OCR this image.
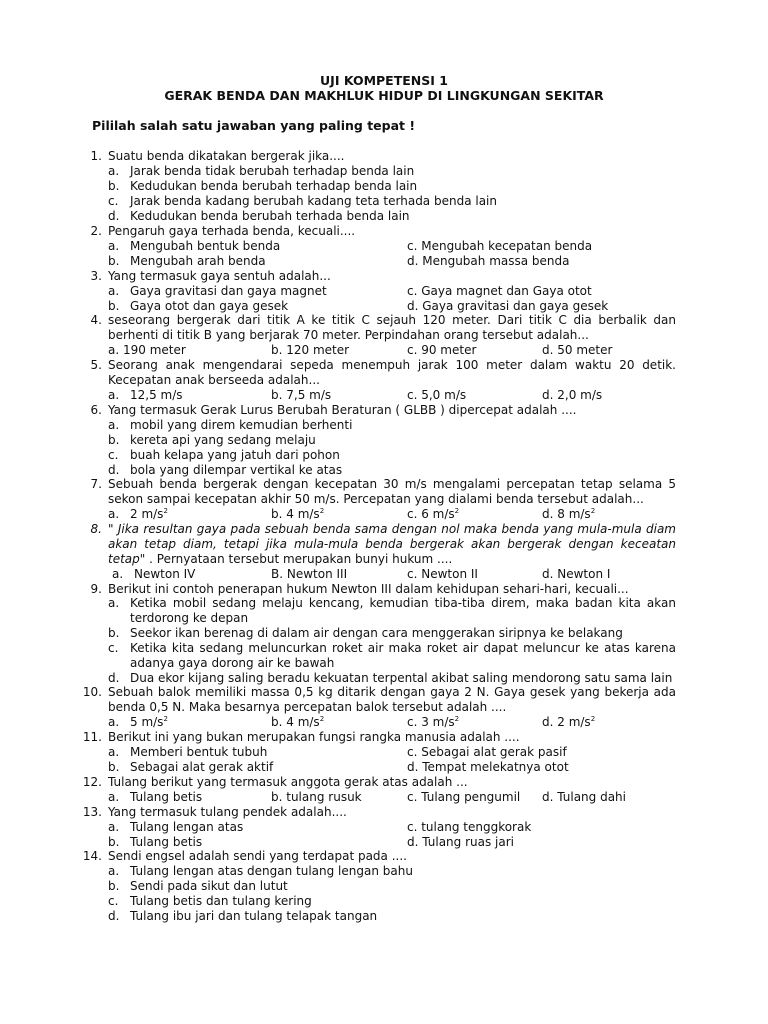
UJI KOMPETENSI 1
GERAK BENDA DAN MAKHLUK HIDUP DI LINGKUNGAN SEKITAR
Pililah salah satu jawaban yang paling tepat !
1. Suatu benda dikatakan bergerak jika....
a. Jarak benda tidak berubah terhadap benda lain
b. Kedudukan benda berubah terhadap benda lain
c. Jarak benda kadang berubah kadang teta terhada benda lain
d. Kedudukan benda berubah terhada benda lain
2. Pengaruh gaya terhada benda, kecuali....
a. Mengubah bentuk benda	c. Mengubah kecepatan benda
b. Mengubah arah benda	d. Mengubah massa benda
3. Yang termasuk gaya sentuh adalah...
a. Gaya gravitasi dan gaya magnet	c. Gaya magnet dan Gaya otot
b. Gaya otot dan gaya gesek	d. Gaya gravitasi dan gaya gesek
4. seseorang bergerak dari titik A ke titik C sejauh 120 meter. Dari titik C dia berbalik dan
berhenti di titik B yang berjarak 70 meter. Perpindahan orang tersebut adalah...
a. 190 meter	b. 120 meter	c. 90 meter	d. 50 meter
5. Seorang anak mengendarai sepeda menempuh jarak 100 meter dalam waktu 20 detik.
Kecepatan anak berseeda adalah...
a. 12,5 m/s	b. 7,5 m/s	c. 5,0 m/s	d. 2,0 m/s
6. Yang termasuk Gerak Lurus Berubah Beraturan ( GLBB ) dipercepat adalah ....
a. mobil yang direm kemudian berhenti
b. kereta api yang sedang melaju
c. buah kelapa yang jatuh dari pohon
d. bola yang dilempar vertikal ke atas
7. Sebuah benda bergerak dengan kecepatan 30 m/s mengalami percepatan tetap selama 5
sekon sampai kecepatan akhir 50 m/s. Percepatan yang dialami benda tersebut adalah...
a. 2 $m/s^2$	b. 4 $m/s^2$	c. 6 $m/s^2$	d. 8 $m/s^2$
8. " Jika resultan gaya pada sebuah benda sama dengan nol maka benda yang mula-mula diam
akan tetap diam, tetapi jika mula-mula benda bergerak akan bergerak dengan keceatan
tetap" . Pernyataan tersebut merupakan bunyi hukum ....
a. Newton IV	B. Newton III	c. Newton II	d. Newton I
9. Berikut ini contoh penerapan hukum Newton III dalam kehidupan sehari-hari, kecuali...
a. Ketika mobil sedang melaju kencang, kemudian tiba-tiba direm, maka badan kita akan
terdorong ke depan
b. Seekor ikan berenag di dalam air dengan cara menggerakan siripnya ke belakang
c. Ketika kita sedang meluncurkan roket air maka roket air dapat meluncur ke atas karena
adanya gaya dorong air ke bawah
d. Dua ekor kijang saling beradu kekuatan terpental akibat saling mendorong satu sama lain
10. Sebuah balok memiliki massa 0,5 kg ditarik dengan gaya 2 N. Gaya gesek yang bekerja ada
benda 0,5 N. Maka besarnya percepatan balok tersebut adalah ....
a. 5 $m/s^2$	b. 4 $m/s^2$	c. 3 $m/s^2$	d. 2 $m/s^2$
11. Berikut ini yang bukan merupakan fungsi rangka manusia adalah ....
a. Memberi bentuk tubuh	c. Sebagai alat gerak pasif
b. Sebagai alat gerak aktif	d. Tempat melekatnya otot
12. Tulang berikut yang termasuk anggota gerak atas adalah ...
a. Tulang betis	b. tulang rusuk	c. Tulang pengumil d. Tulang dahi
13. Yang termasuk tulang pendek adalah....
a. Tulang lengan atas	c. tulang tenggkorak
b. Tulang betis	d. Tulang ruas jari
14. Sendi engsel adalah sendi yang terdapat pada ....
a. Tulang lengan atas dengan tulang lengan bahu
b. Sendi pada sikut dan lutut
c. Tulang betis dan tulang kering
d. Tulang ibu jari dan tulang telapak tangan
